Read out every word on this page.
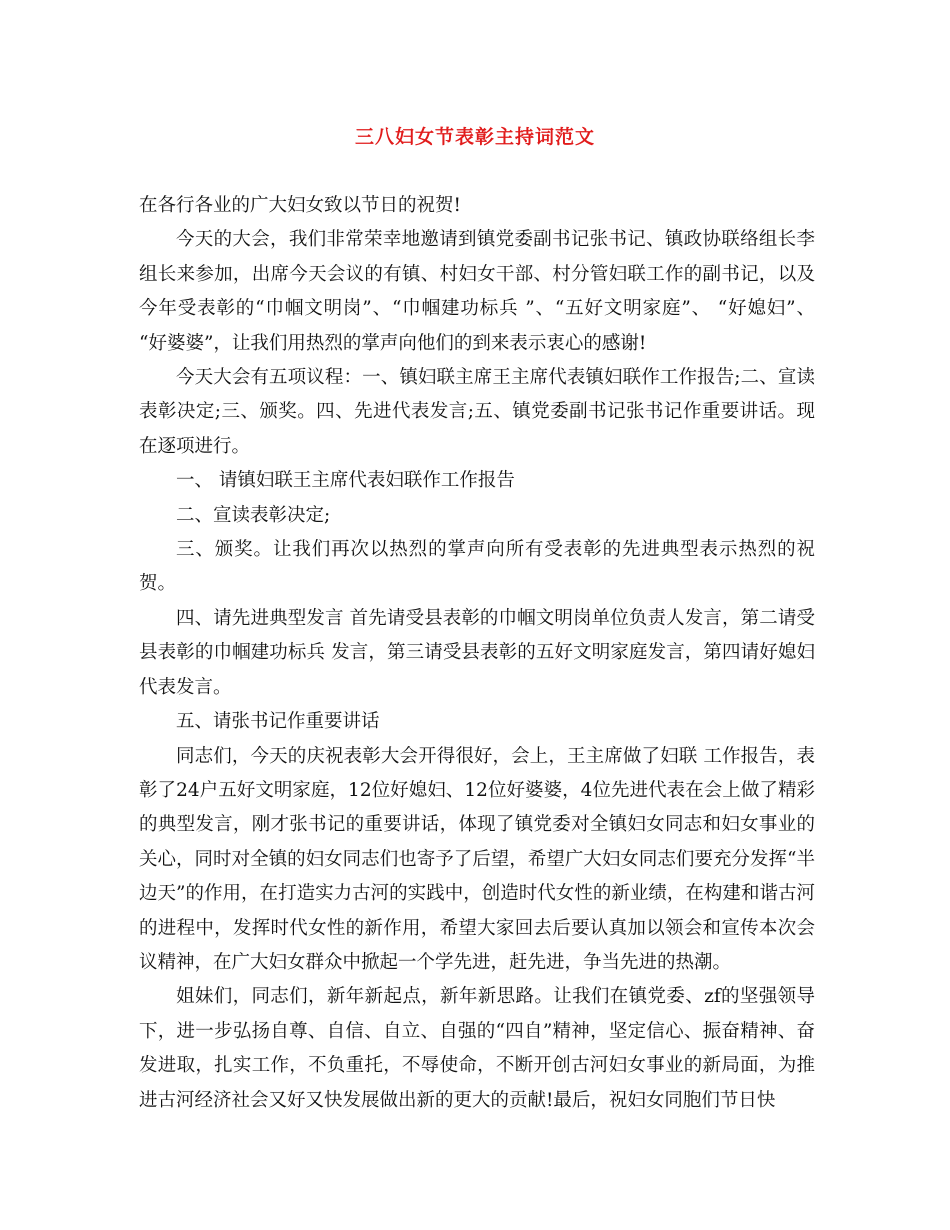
三八妇女节表彰主持词范文

在各行各业的广大妇女致以节日的祝贺!

今天的大会，我们非常荣幸地邀请到镇党委副书记张书记、镇政协联络组长李组长来参加，出席今天会议的有镇、村妇女干部、村分管妇联工作的副书记，以及今年受表彰的“巾帼文明岗”、“巾帼建功标兵 ”、“五好文明家庭”、 “好媳妇”、 “好婆婆”，让我们用热烈的掌声向他们的到来表示衷心的感谢!

今天大会有五项议程：一、镇妇联主席王主席代表镇妇联作工作报告;二、宣读表彰决定;三、颁奖。四、先进代表发言;五、镇党委副书记张书记作重要讲话。现在逐项进行。

一、 请镇妇联王主席代表妇联作工作报告

二、宣读表彰决定;

三、颁奖。让我们再次以热烈的掌声向所有受表彰的先进典型表示热烈的祝贺。

四、请先进典型发言 首先请受县表彰的巾帼文明岗单位负责人发言，第二请受县表彰的巾帼建功标兵 发言，第三请受县表彰的五好文明家庭发言，第四请好媳妇代表发言。

五、请张书记作重要讲话

同志们，今天的庆祝表彰大会开得很好，会上，王主席做了妇联 工作报告，表彰了24户五好文明家庭，12位好媳妇、12位好婆婆，4位先进代表在会上做了精彩的典型发言，刚才张书记的重要讲话，体现了镇党委对全镇妇女同志和妇女事业的关心，同时对全镇的妇女同志们也寄予了后望，希望广大妇女同志们要充分发挥“半边天”的作用，在打造实力古河的实践中，创造时代女性的新业绩，在构建和谐古河的进程中，发挥时代女性的新作用，希望大家回去后要认真加以领会和宣传本次会议精神，在广大妇女群众中掀起一个学先进，赶先进，争当先进的热潮。

姐妹们，同志们，新年新起点，新年新思路。让我们在镇党委、zf的坚强领导下，进一步弘扬自尊、自信、自立、自强的“四自”精神，坚定信心、振奋精神、奋发进取，扎实工作，不负重托，不辱使命，不断开创古河妇女事业的新局面，为推进古河经济社会又好又快发展做出新的更大的贡献!最后，祝妇女同胞们节日快
